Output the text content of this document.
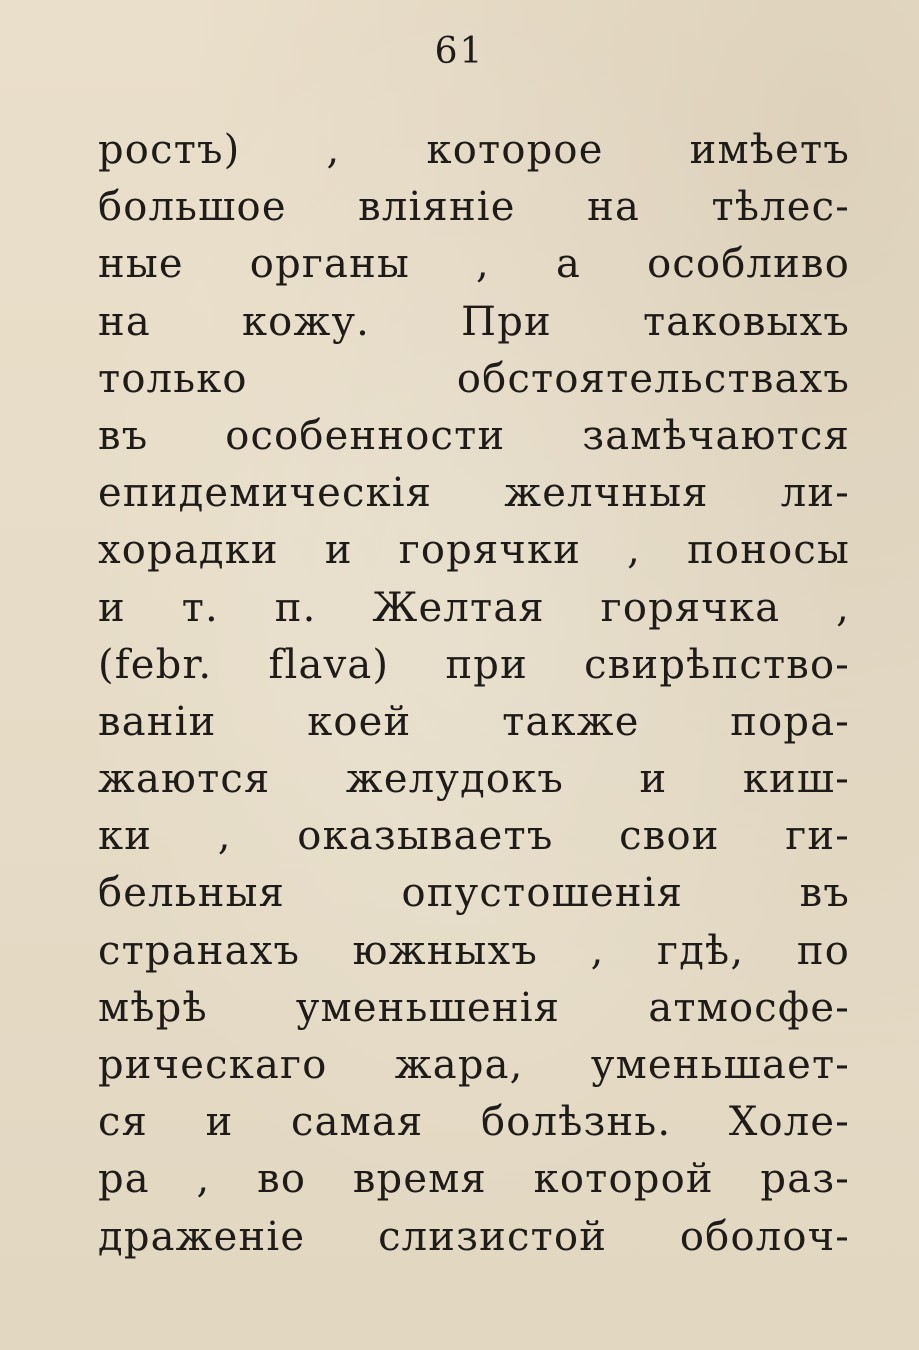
61
ростъ) , которое имѣетъ
большое вліяніе на тѣлес-
ные органы , а особливо
на кожу. При таковыхъ
только обстоятельствахъ
въ особенности замѣчаются
епидемическія желчныя ли-
хорадки и горячки , поносы
и т. п. Желтая горячка ,
(febr. flava) при свирѣпство-
ваніи коей также пора-
жаются желудокъ и киш-
ки , оказываетъ свои ги-
бельныя опустошенія въ
странахъ южныхъ , гдѣ, по
мѣрѣ уменьшенія атмосфе-
рическаго жара, уменьшает-
ся и самая болѣзнь. Холе-
ра , во время которой раз-
драженіе слизистой оболоч-
